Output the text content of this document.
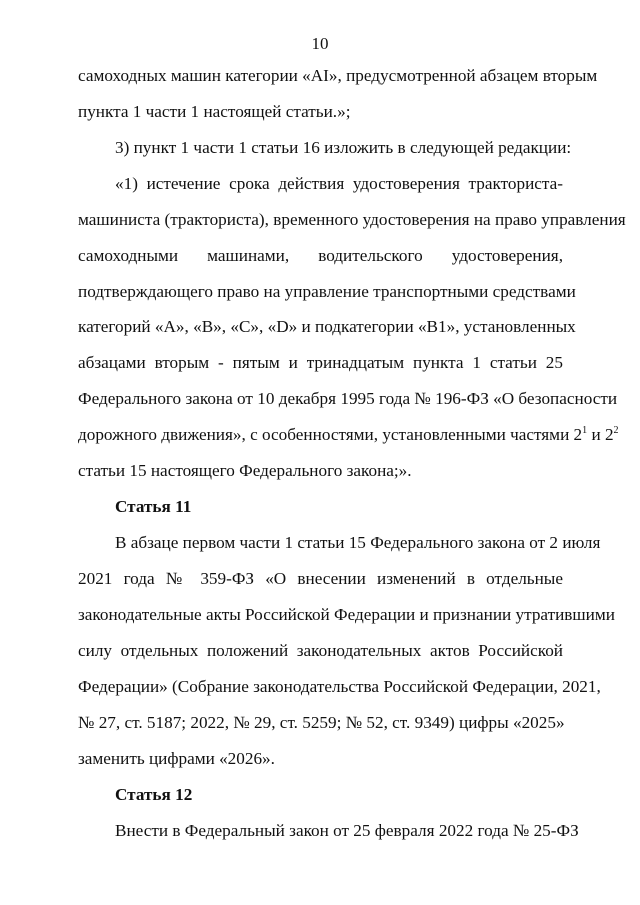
10
самоходных машин категории «AI», предусмотренной абзацем вторым
пункта 1 части 1 настоящей статьи.»;
3) пункт 1 части 1 статьи 16 изложить в следующей редакции:
«1) истечение срока действия удостоверения тракториста-
машиниста (тракториста), временного удостоверения на право управления
самоходными машинами, водительского удостоверения,
подтверждающего право на управление транспортными средствами
категорий «A», «B», «C», «D» и подкатегории «B1», установленных
абзацами вторым - пятым и тринадцатым пункта 1 статьи 25
Федерального закона от 10 декабря 1995 года № 196-ФЗ «О безопасности
дорожного движения», с особенностями, установленными частями $2^1$ и $2^2$
статьи 15 настоящего Федерального закона;».
Статья 11
В абзаце первом части 1 статьи 15 Федерального закона от 2 июля
2021 года № 359-ФЗ «О внесении изменений в отдельные
законодательные акты Российской Федерации и признании утратившими
силу отдельных положений законодательных актов Российской
Федерации» (Собрание законодательства Российской Федерации, 2021,
№ 27, ст. 5187; 2022, № 29, ст. 5259; № 52, ст. 9349) цифры «2025»
заменить цифрами «2026».
Статья 12
Внести в Федеральный закон от 25 февраля 2022 года № 25-ФЗ
